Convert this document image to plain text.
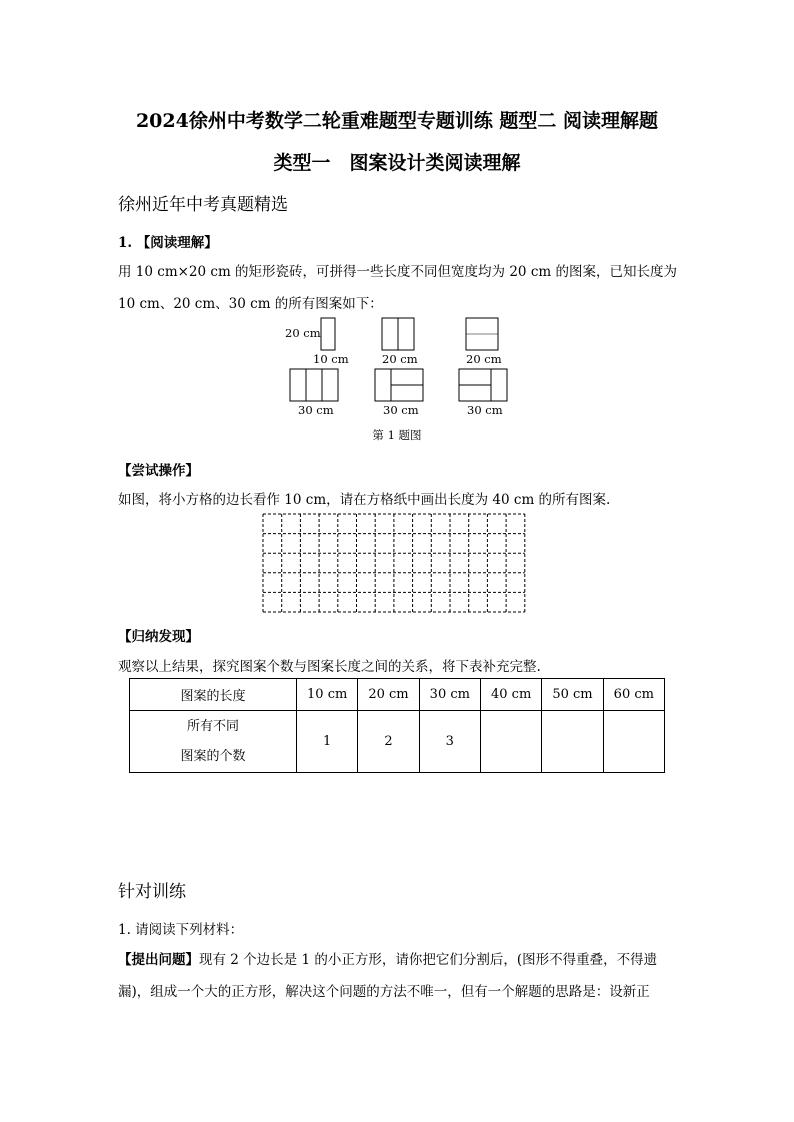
2024徐州中考数学二轮重难题型专题训练 题型二 阅读理解题
类型一　图案设计类阅读理解
徐州近年中考真题精选
1. 【阅读理解】
用 10 cm×20 cm 的矩形瓷砖，可拼得一些长度不同但宽度均为 20 cm 的图案，已知长度为
10 cm、20 cm、30 cm 的所有图案如下：
20 cm
10 cm	20 cm	20 cm
30 cm	30 cm	30 cm
第 1 题图
【尝试操作】
如图，将小方格的边长看作 10 cm，请在方格纸中画出长度为 40 cm 的所有图案.
【归纳发现】
观察以上结果，探究图案个数与图案长度之间的关系，将下表补充完整.
图案的长度	10 cm	20 cm	30 cm	40 cm	50 cm	60 cm

所有不同
图案的个数	1	2	3			
针对训练
1. 请阅读下列材料：
【提出问题】现有 2 个边长是 1 的小正方形，请你把它们分割后，(图形不得重叠，不得遗
漏)，组成一个大的正方形，解决这个问题的方法不唯一，但有一个解题的思路是：设新正
